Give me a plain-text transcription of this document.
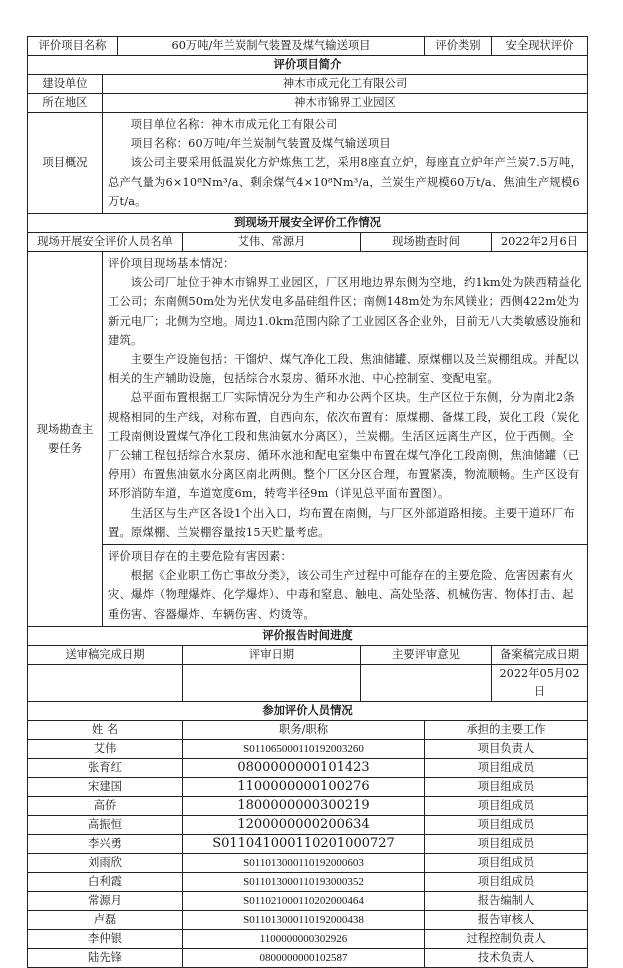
评价项目名称		60万吨/年兰炭制气装置及煤气输送项目			评价类别	安全现状评价
评价项目简介						
建设单位	神木市成元化工有限公司					
所在地区	神木市锦界工业园区					
项目概况	项目单位名称：神木市成元化工有限公司

项目名称：60万吨/年兰炭制气装置及煤气输送项目

该公司主要采用低温炭化方炉炼焦工艺，采用8座直立炉，每座直立炉年产兰炭7.5万吨，总产气量为6×10⁸Nm³/a、剩余煤气4×10⁸Nm³/a，兰炭生产规模60万t/a、焦油生产规模6万t/a。					

到现场开展安全评价工作情况						
现场开展安全评价人员名单			艾伟、常源月	现场勘查时间		2022年2月6日
现场勘查主要任务	评价项目现场基本情况：

该公司厂址位于神木市锦界工业园区，厂区用地边界东侧为空地，约1km处为陕西精益化工公司；东南侧50m处为光伏发电多晶硅组件区；南侧148m处为东风镁业；西侧422m处为新元电厂；北侧为空地。周边1.0km范围内除了工业园区各企业外，目前无八大类敏感设施和建筑。

主要生产设施包括：干馏炉、煤气净化工段、焦油储罐、原煤棚以及兰炭棚组成。并配以相关的生产辅助设施，包括综合水泵房、循环水池、中心控制室、变配电室。

总平面布置根据工厂实际情况分为生产和办公两个区块。生产区位于东侧，分为南北2条规格相同的生产线，对称布置，自西向东，依次布置有：原煤棚、备煤工段，炭化工段（炭化工段南侧设置煤气净化工段和焦油氨水分离区），兰炭棚。生活区远离生产区，位于西侧。全厂公辅工程包括综合水泵房、循环水池和配电室集中布置在煤气净化工段南侧，焦油储罐（已停用）布置焦油氨水分离区南北两侧。整个厂区分区合理，布置紧凑，物流顺畅。生产区设有环形消防车道，车道宽度6m，转弯半径9m（详见总平面布置图）。

生活区与生产区各设1个出入口，均布置在南侧，与厂区外部道路相接。主要干道环厂布置。原煤棚、兰炭棚容量按15天贮量考虑。					

	评价项目存在的主要危险有害因素：

根据《企业职工伤亡事故分类》，该公司生产过程中可能存在的主要危险、危害因素有火灾、爆炸（物理爆炸、化学爆炸）、中毒和窒息、触电、高处坠落、机械伤害、物体打击、起重伤害、容器爆炸、车辆伤害、灼烫等。					

评价报告时间进度						
送审稿完成日期			评审日期	主要评审意见		备案稿完成日期
						2022年05月02日
参加评价人员情况						
姓 名			职务/职称		承担的主要工作	
艾伟			S011065000110192003260		项目负责人	
张育红			0800000000101423		项目组成员	
宋建国			1100000000100276		项目组成员	
高侨			1800000000300219		项目组成员	
高振恒			1200000000200634		项目组成员	
李兴勇			S011041000110201000727		项目组成员	
刘雨欣			S011013000110192000603		项目组成员	
白利霞			S011013000110193000352		项目组成员	
常源月			S011021000110202000464		报告编制人	
卢磊			S011013000110192000438		报告审核人	
李仲银			1100000000302926		过程控制负责人	
陆先锋			0800000000102587		技术负责人	
